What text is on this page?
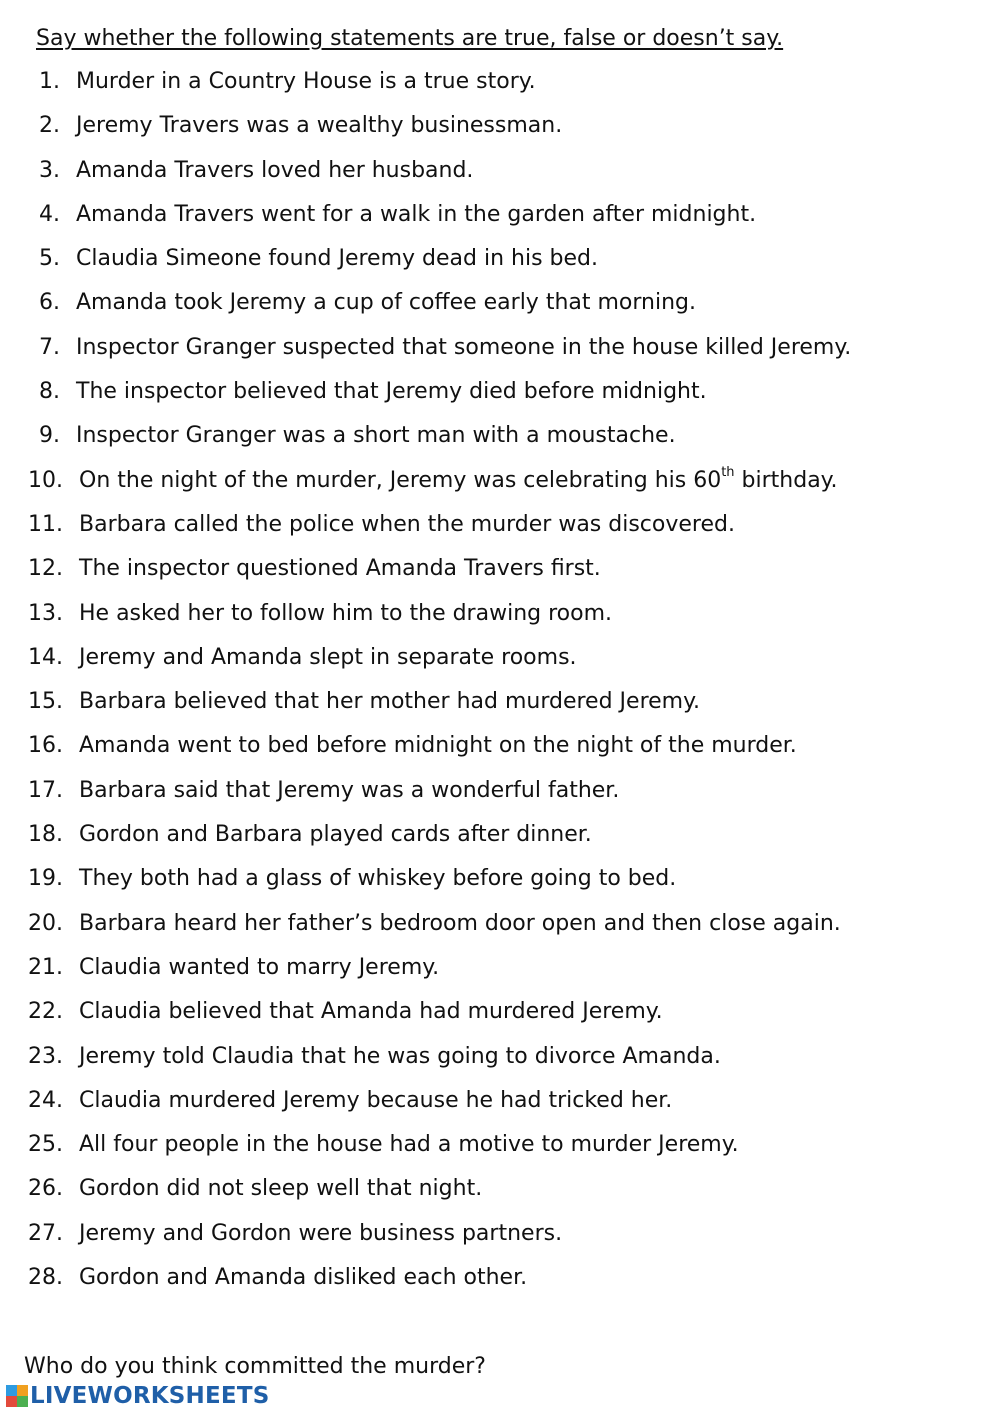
Say whether the following statements are true, false or doesn’t say.
1. Murder in a Country House is a true story.
2. Jeremy Travers was a wealthy businessman.
3. Amanda Travers loved her husband.
4. Amanda Travers went for a walk in the garden after midnight.
5. Claudia Simeone found Jeremy dead in his bed.
6. Amanda took Jeremy a cup of coffee early that morning.
7. Inspector Granger suspected that someone in the house killed Jeremy.
8. The inspector believed that Jeremy died before midnight.
9. Inspector Granger was a short man with a moustache.
10. On the night of the murder, Jeremy was celebrating his 60th birthday.
11. Barbara called the police when the murder was discovered.
12. The inspector questioned Amanda Travers first.
13. He asked her to follow him to the drawing room.
14. Jeremy and Amanda slept in separate rooms.
15. Barbara believed that her mother had murdered Jeremy.
16. Amanda went to bed before midnight on the night of the murder.
17. Barbara said that Jeremy was a wonderful father.
18. Gordon and Barbara played cards after dinner.
19. They both had a glass of whiskey before going to bed.
20. Barbara heard her father’s bedroom door open and then close again.
21. Claudia wanted to marry Jeremy.
22. Claudia believed that Amanda had murdered Jeremy.
23. Jeremy told Claudia that he was going to divorce Amanda.
24. Claudia murdered Jeremy because he had tricked her.
25. All four people in the house had a motive to murder Jeremy.
26. Gordon did not sleep well that night.
27. Jeremy and Gordon were business partners.
28. Gordon and Amanda disliked each other.
Who do you think committed the murder?
LIVEWORKSHEETS
